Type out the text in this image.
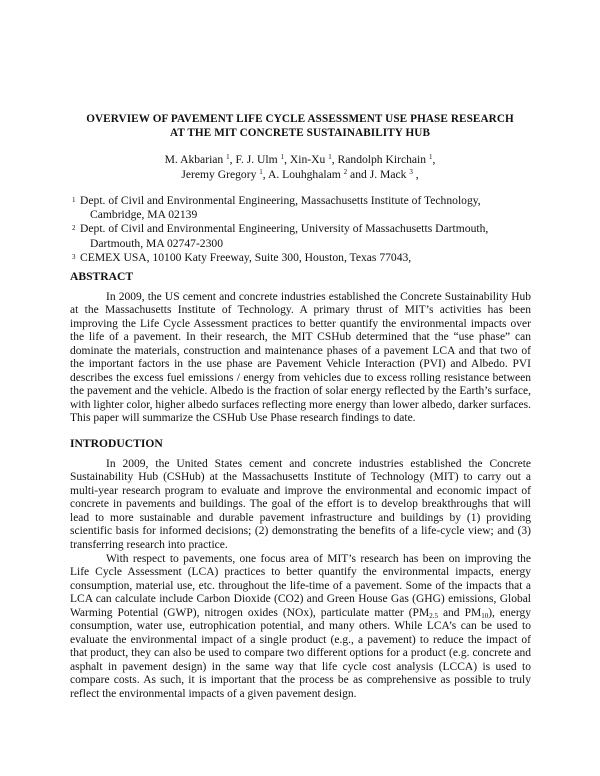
OVERVIEW OF PAVEMENT LIFE CYCLE ASSESSMENT USE PHASE RESEARCH
AT THE MIT CONCRETE SUSTAINABILITY HUB
M. Akbarian $^1$, F. J. Ulm $^1$, Xin-Xu $^1$, Randolph Kirchain $^1$,
Jeremy Gregory $^1$, A. Louhghalam $^2$ and J. Mack $^3$ ,
1 Dept. of Civil and Environmental Engineering, Massachusetts Institute of Technology,
Cambridge, MA 02139
2 Dept. of Civil and Environmental Engineering, University of Massachusetts Dartmouth,
Dartmouth, MA 02747-2300
3 CEMEX USA, 10100 Katy Freeway, Suite 300, Houston, Texas 77043,
ABSTRACT

In 2009, the US cement and concrete industries established the Concrete Sustainability Hub at the Massachusetts Institute of Technology. A primary thrust of MIT’s activities has been improving the Life Cycle Assessment practices to better quantify the environmental impacts over the life of a pavement. In their research, the MIT CSHub determined that the “use phase” can dominate the materials, construction and maintenance phases of a pavement LCA and that two of the important factors in the use phase are Pavement Vehicle Interaction (PVI) and Albedo. PVI describes the excess fuel emissions / energy from vehicles due to excess rolling resistance between the pavement and the vehicle. Albedo is the fraction of solar energy reflected by the Earth’s surface, with lighter color, higher albedo surfaces reflecting more energy than lower albedo, darker surfaces. This paper will summarize the CSHub Use Phase research findings to date.

INTRODUCTION

In 2009, the United States cement and concrete industries established the Concrete Sustainability Hub (CSHub) at the Massachusetts Institute of Technology (MIT) to carry out a multi-year research program to evaluate and improve the environmental and economic impact of concrete in pavements and buildings. The goal of the effort is to develop breakthroughs that will lead to more sustainable and durable pavement infrastructure and buildings by (1) providing scientific basis for informed decisions; (2) demonstrating the benefits of a life-cycle view; and (3) transferring research into practice.

With respect to pavements, one focus area of MIT’s research has been on improving the Life Cycle Assessment (LCA) practices to better quantify the environmental impacts, energy consumption, material use, etc. throughout the life-time of a pavement. Some of the impacts that a LCA can calculate include Carbon Dioxide (CO2) and Green House Gas (GHG) emissions, Global Warming Potential (GWP), nitrogen oxides (NOx), particulate matter ($PM_{2.5}$ and $PM_{10}$), energy consumption, water use, eutrophication potential, and many others. While LCA’s can be used to evaluate the environmental impact of a single product (e.g., a pavement) to reduce the impact of that product, they can also be used to compare two different options for a product (e.g. concrete and asphalt in pavement design) in the same way that life cycle cost analysis (LCCA) is used to compare costs. As such, it is important that the process be as comprehensive as possible to truly reflect the environmental impacts of a given pavement design.
